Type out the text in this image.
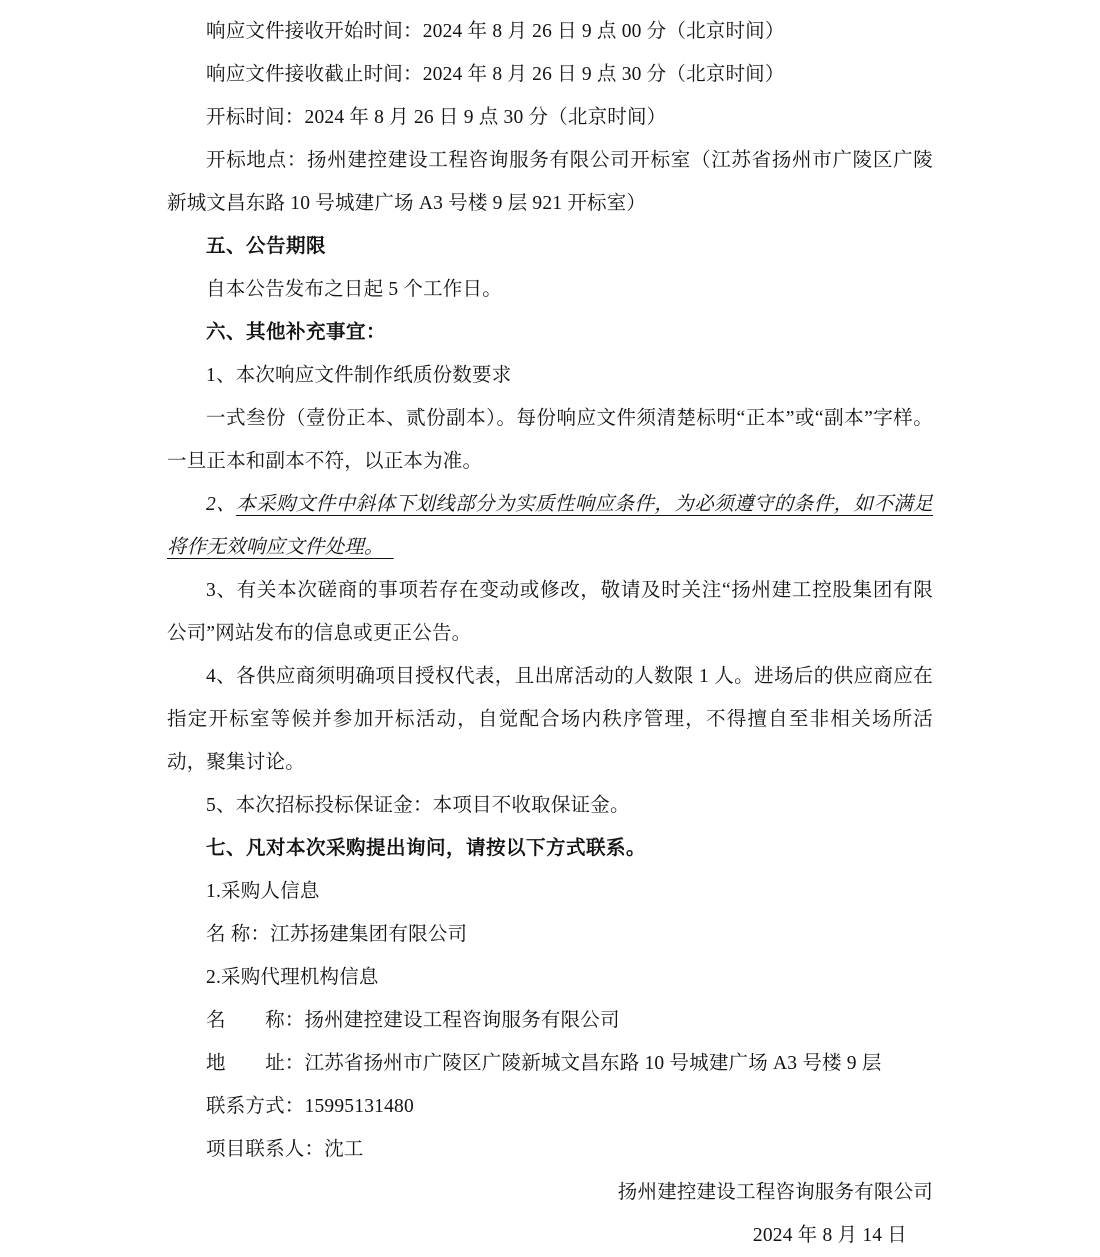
响应文件接收开始时间：2024 年 8 月 26 日 9 点 00 分（北京时间）

响应文件接收截止时间：2024 年 8 月 26 日 9 点 30 分（北京时间）

开标时间：2024 年 8 月 26 日 9 点 30 分（北京时间）

开标地点：扬州建控建设工程咨询服务有限公司开标室（江苏省扬州市广陵区广陵新城文昌东路 10 号城建广场 A3 号楼 9 层 921 开标室）

五、公告期限

自本公告发布之日起 5 个工作日。

六、其他补充事宜：

1、本次响应文件制作纸质份数要求

一式叁份（壹份正本、贰份副本）。每份响应文件须清楚标明“正本”或“副本”字样。一旦正本和副本不符，以正本为准。

2、本采购文件中斜体下划线部分为实质性响应条件，为必须遵守的条件，如不满足将作无效响应文件处理。　

3、有关本次磋商的事项若存在变动或修改，敬请及时关注“扬州建工控股集团有限公司”网站发布的信息或更正公告。

4、各供应商须明确项目授权代表，且出席活动的人数限 1 人。进场后的供应商应在指定开标室等候并参加开标活动，自觉配合场内秩序管理，不得擅自至非相关场所活动，聚集讨论。

5、本次招标投标保证金：本项目不收取保证金。

七、凡对本次采购提出询问，请按以下方式联系。

1.采购人信息

名 称：江苏扬建集团有限公司

2.采购代理机构信息

名　　称：扬州建控建设工程咨询服务有限公司

地　　址：江苏省扬州市广陵区广陵新城文昌东路 10 号城建广场 A3 号楼 9 层

联系方式：15995131480

项目联系人：沈工

扬州建控建设工程咨询服务有限公司

2024 年 8 月 14 日
